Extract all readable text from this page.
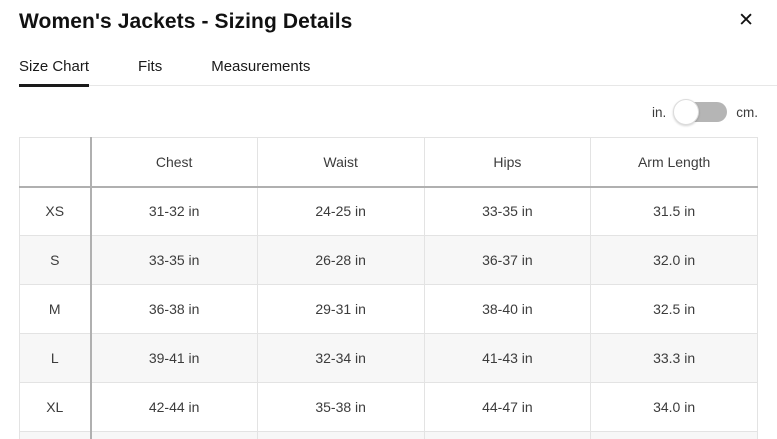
Women's Jackets - Sizing Details	✕
Size Chart	Fits	Measurements
in.	cm.
	Chest	Waist	Hips	Arm Length
XS	31-32 in	24-25 in	33-35 in	31.5 in
S	33-35 in	26-28 in	36-37 in	32.0 in
M	36-38 in	29-31 in	38-40 in	32.5 in
L	39-41 in	32-34 in	41-43 in	33.3 in
XL	42-44 in	35-38 in	44-47 in	34.0 in
